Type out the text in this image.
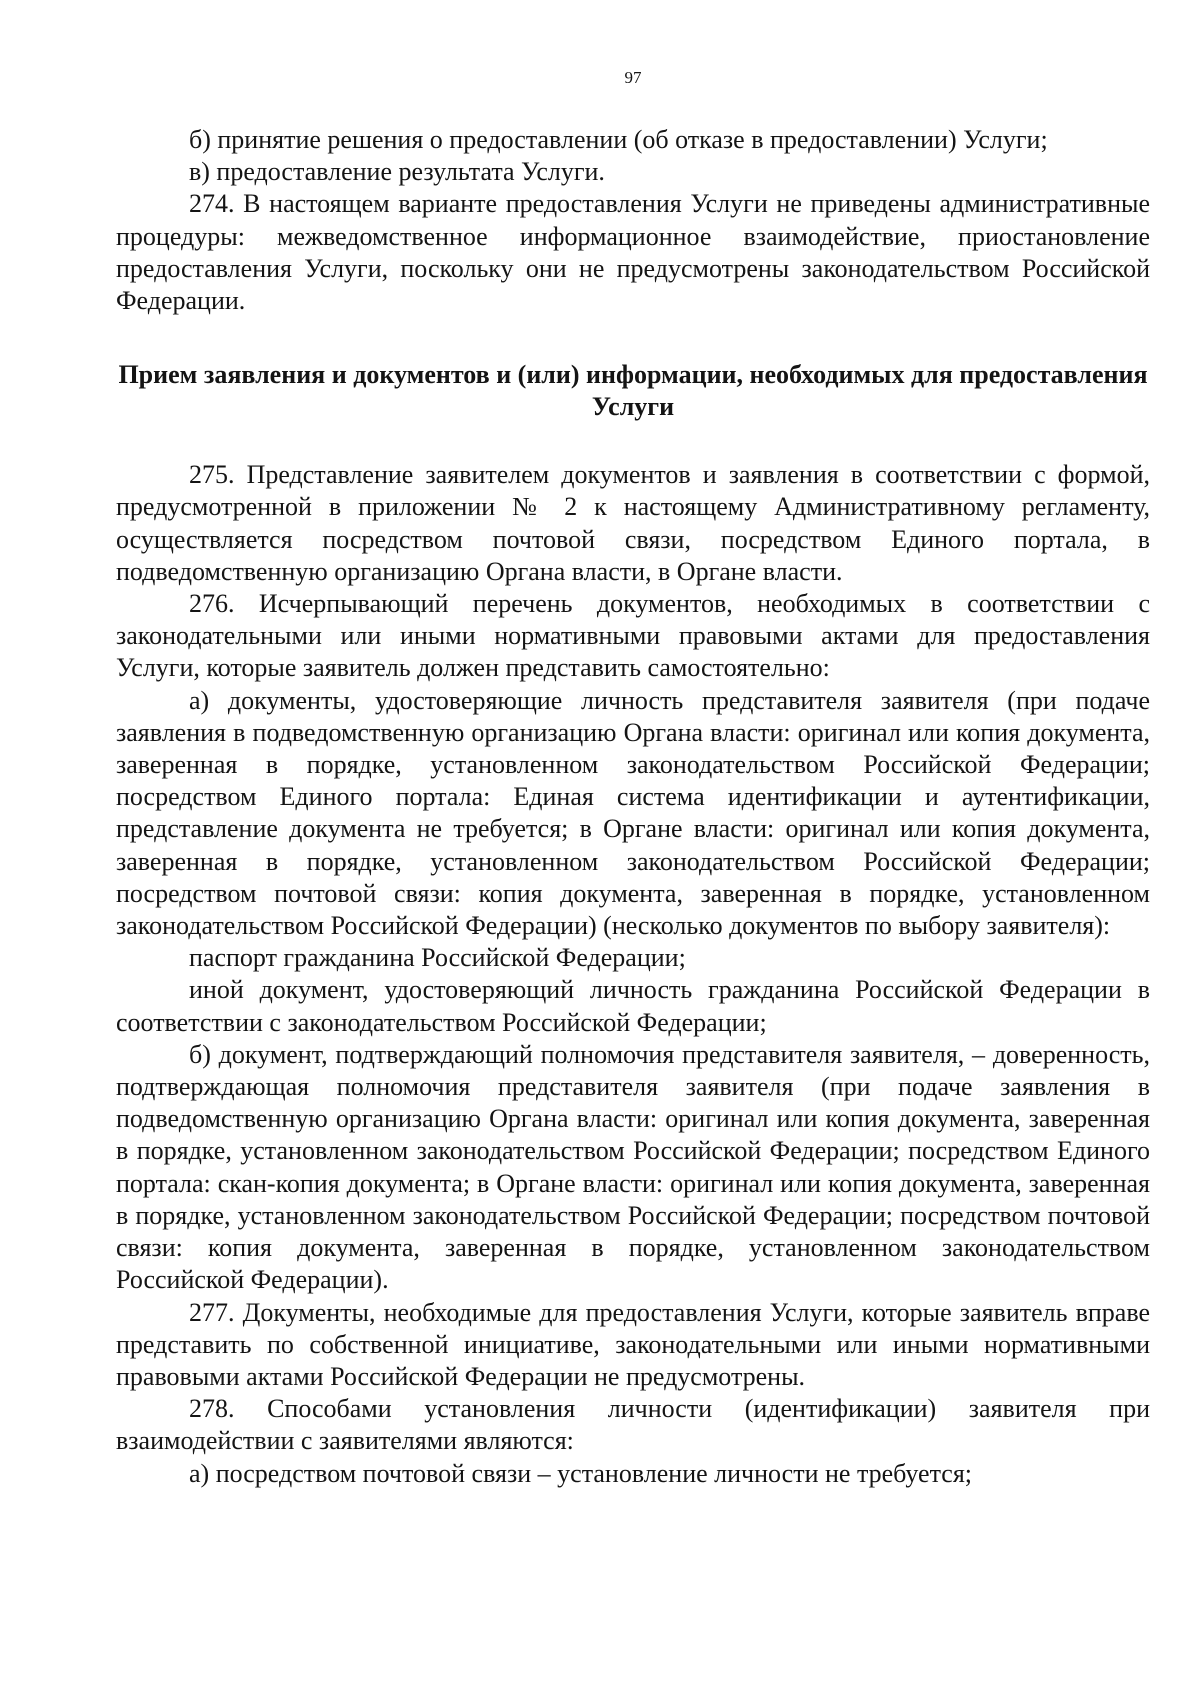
97

б) принятие решения о предоставлении (об отказе в предоставлении) Услуги;

в) предоставление результата Услуги.

274. В настоящем варианте предоставления Услуги не приведены административные процедуры: межведомственное информационное взаимодействие, приостановление предоставления Услуги, поскольку они не предусмотрены законодательством Российской Федерации.

Прием заявления и документов и (или) информации, необходимых для предоставления Услуги

275. Представление заявителем документов и заявления в соответствии с формой, предусмотренной в приложении № 2 к настоящему Административному регламенту, осуществляется посредством почтовой связи, посредством Единого портала, в подведомственную организацию Органа власти, в Органе власти.

276. Исчерпывающий перечень документов, необходимых в соответствии с законодательными или иными нормативными правовыми актами для предоставления Услуги, которые заявитель должен представить самостоятельно:

а) документы, удостоверяющие личность представителя заявителя (при подаче заявления в подведомственную организацию Органа власти: оригинал или копия документа, заверенная в порядке, установленном законодательством Российской Федерации; посредством Единого портала: Единая система идентификации и аутентификации, представление документа не требуется; в Органе власти: оригинал или копия документа, заверенная в порядке, установленном законодательством Российской Федерации; посредством почтовой связи: копия документа, заверенная в порядке, установленном законодательством Российской Федерации) (несколько документов по выбору заявителя):

паспорт гражданина Российской Федерации;

иной документ, удостоверяющий личность гражданина Российской Федерации в соответствии с законодательством Российской Федерации;

б) документ, подтверждающий полномочия представителя заявителя, – доверенность, подтверждающая полномочия представителя заявителя (при подаче заявления в подведомственную организацию Органа власти: оригинал или копия документа, заверенная в порядке, установленном законодательством Российской Федерации; посредством Единого портала: скан-копия документа; в Органе власти: оригинал или копия документа, заверенная в порядке, установленном законодательством Российской Федерации; посредством почтовой связи: копия документа, заверенная в порядке, установленном законодательством Российской Федерации).

277. Документы, необходимые для предоставления Услуги, которые заявитель вправе представить по собственной инициативе, законодательными или иными нормативными правовыми актами Российской Федерации не предусмотрены.

278. Способами установления личности (идентификации) заявителя при взаимодействии с заявителями являются:

а) посредством почтовой связи – установление личности не требуется;
